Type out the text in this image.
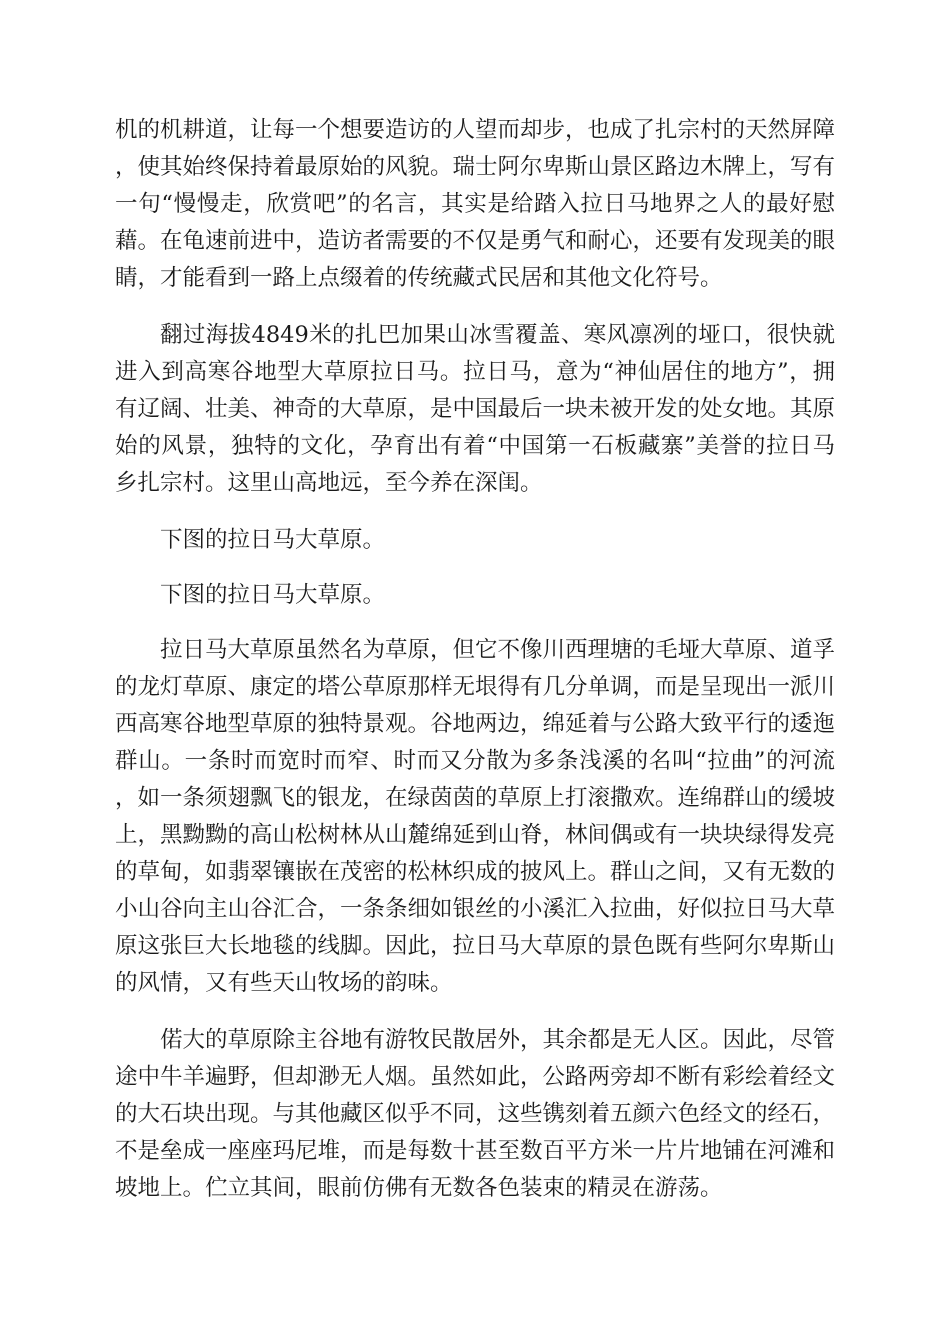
机的机耕道，让每一个想要造访的人望而却步，也成了扎宗村的天然屏障，使其始终保持着最原始的风貌。瑞士阿尔卑斯山景区路边木牌上，写有一句“慢慢走，欣赏吧”的名言，其实是给踏入拉日马地界之人的最好慰藉。在龟速前进中，造访者需要的不仅是勇气和耐心，还要有发现美的眼睛，才能看到一路上点缀着的传统藏式民居和其他文化符号。

翻过海拔4849米的扎巴加果山冰雪覆盖、寒风凛冽的垭口，很快就进入到高寒谷地型大草原拉日马。拉日马，意为“神仙居住的地方”，拥有辽阔、壮美、神奇的大草原，是中国最后一块未被开发的处女地。其原始的风景，独特的文化，孕育出有着“中国第一石板藏寨”美誉的拉日马乡扎宗村。这里山高地远，至今养在深闺。

下图的拉日马大草原。

下图的拉日马大草原。

拉日马大草原虽然名为草原，但它不像川西理塘的毛垭大草原、道孚的龙灯草原、康定的塔公草原那样无垠得有几分单调，而是呈现出一派川西高寒谷地型草原的独特景观。谷地两边，绵延着与公路大致平行的逶迤群山。一条时而宽时而窄、时而又分散为多条浅溪的名叫“拉曲”的河流，如一条须翅飘飞的银龙，在绿茵茵的草原上打滚撒欢。连绵群山的缓坡上，黑黝黝的高山松树林从山麓绵延到山脊，林间偶或有一块块绿得发亮的草甸，如翡翠镶嵌在茂密的松林织成的披风上。群山之间，又有无数的小山谷向主山谷汇合，一条条细如银丝的小溪汇入拉曲，好似拉日马大草原这张巨大长地毯的线脚。因此，拉日马大草原的景色既有些阿尔卑斯山的风情，又有些天山牧场的韵味。

偌大的草原除主谷地有游牧民散居外，其余都是无人区。因此，尽管途中牛羊遍野，但却渺无人烟。虽然如此，公路两旁却不断有彩绘着经文的大石块出现。与其他藏区似乎不同，这些镌刻着五颜六色经文的经石，不是垒成一座座玛尼堆，而是每数十甚至数百平方米一片片地铺在河滩和坡地上。伫立其间，眼前仿佛有无数各色装束的精灵在游荡。
